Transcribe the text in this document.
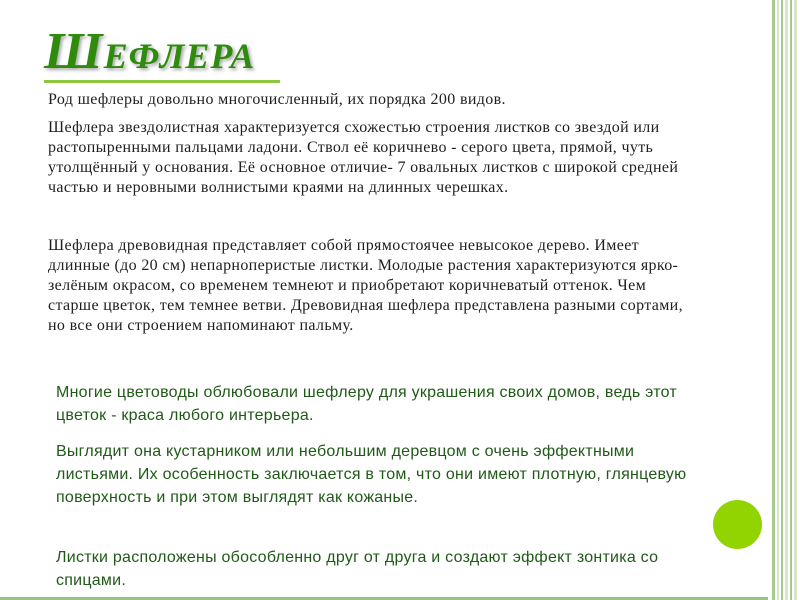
ШЕФЛЕРА

Род шефлеры довольно многочисленный, их порядка 200 видов.

Шефлера звездолистная характеризуется схожестью строения листков со звездой или растопыренными пальцами ладони. Ствол её коричнево - серого цвета, прямой, чуть утолщённый у основания. Её основное отличие- 7 овальных листков с широкой средней частью и неровными волнистыми краями на длинных черешках.

Шефлера древовидная представляет собой прямостоячее невысокое дерево. Имеет длинные (до 20 см) непарноперистые листки. Молодые растения характеризуются ярко-зелёным окрасом, со временем темнеют и приобретают коричневатый оттенок. Чем старше цветок, тем темнее ветви. Древовидная шефлера представлена разными сортами, но все они строением напоминают пальму.

Многие цветоводы облюбовали шефлеру для украшения своих домов, ведь этот цветок - краса любого интерьера.

Выглядит она кустарником или небольшим деревцом с очень эффектными листьями. Их особенность заключается в том, что они имеют плотную, глянцевую поверхность и при этом выглядят как кожаные.

Листки расположены обособленно друг от друга и создают эффект зонтика со спицами.
